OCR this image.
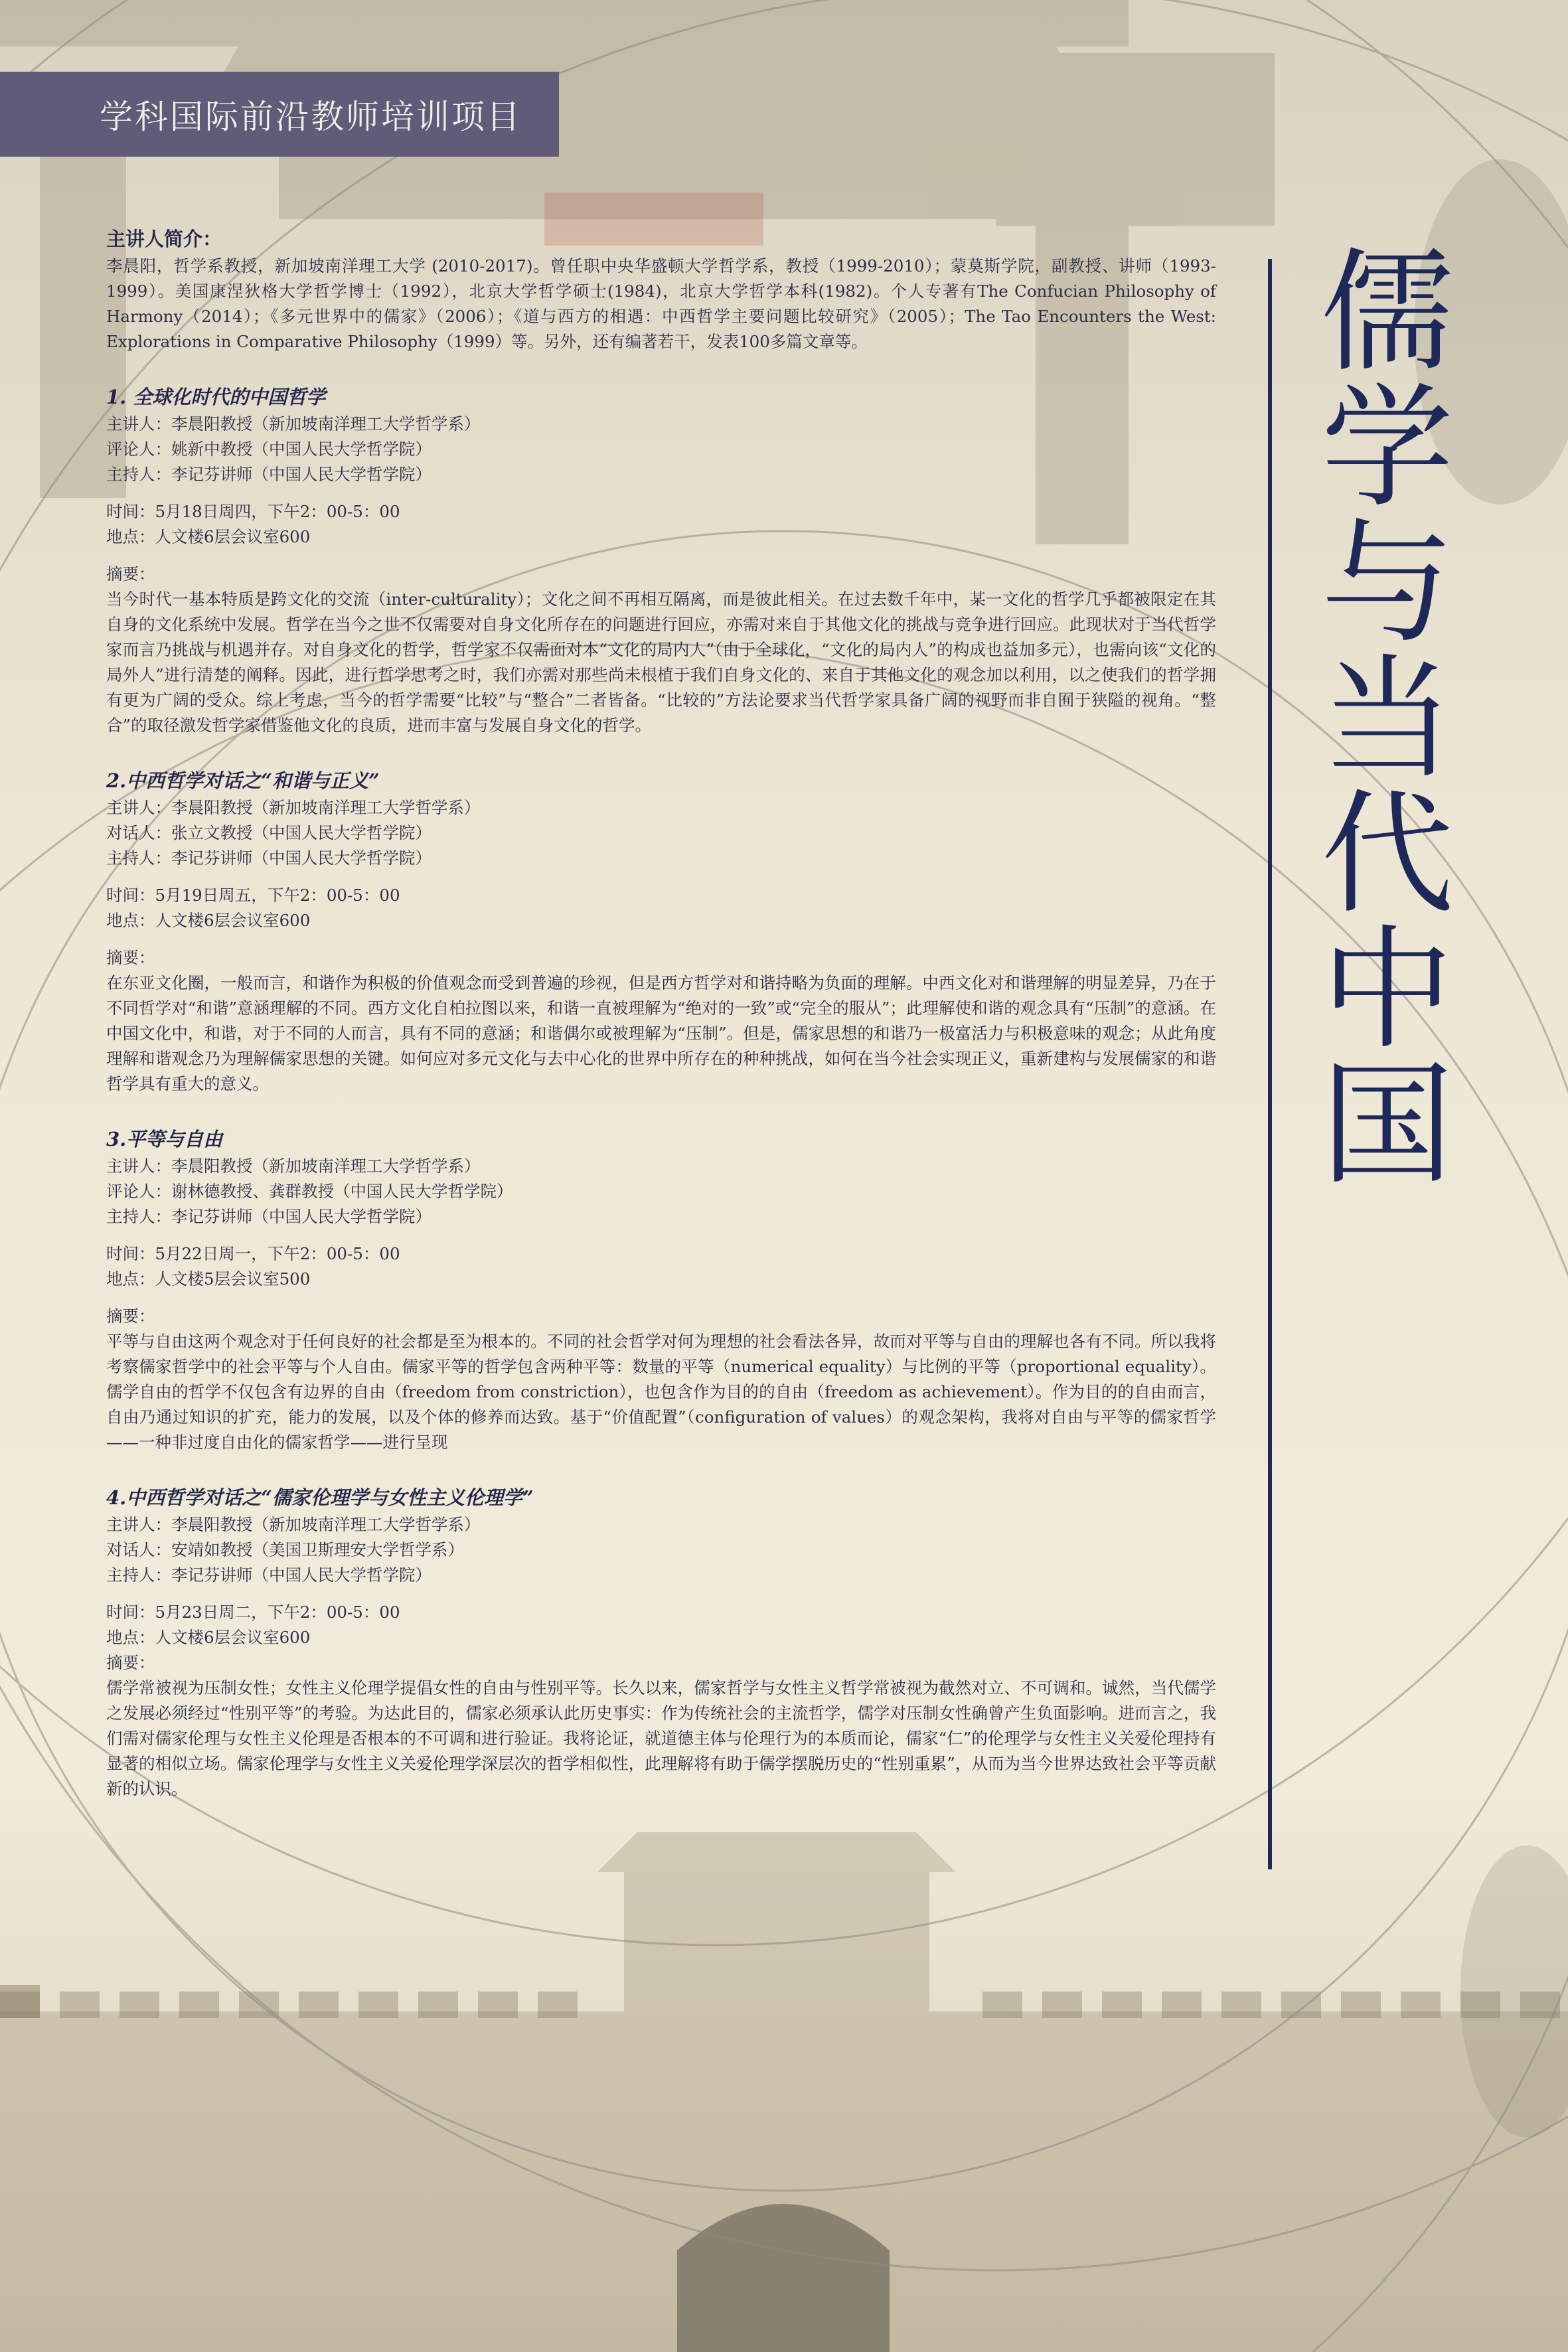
学科国际前沿教师培训项目
儒
学
与
当
代
中
国

主讲人简介：

李晨阳，哲学系教授，新加坡南洋理工大学 (2010-2017)。曾任职中央华盛顿大学哲学系，教授（1999-2010）；蒙莫斯学院，副教授、讲师（1993-1999）。美国康涅狄格大学哲学博士（1992），北京大学哲学硕士(1984)，北京大学哲学本科(1982)。个人专著有The Confucian Philosophy of Harmony（2014）；《多元世界中的儒家》（2006）；《道与西方的相遇：中西哲学主要问题比较研究》（2005）；The Tao Encounters the West: Explorations in Comparative Philosophy（1999）等。另外，还有编著若干，发表100多篇文章等。

1. 全球化时代的中国哲学

主讲人：李晨阳教授（新加坡南洋理工大学哲学系）

评论人：姚新中教授（中国人民大学哲学院）

主持人：李记芬讲师（中国人民大学哲学院）

时间：5月18日周四，下午2：00-5：00

地点：人文楼6层会议室600

摘要：

当今时代一基本特质是跨文化的交流（inter-culturality）；文化之间不再相互隔离，而是彼此相关。在过去数千年中，某一文化的哲学几乎都被限定在其自身的文化系统中发展。哲学在当今之世不仅需要对自身文化所存在的问题进行回应，亦需对来自于其他文化的挑战与竞争进行回应。此现状对于当代哲学家而言乃挑战与机遇并存。对自身文化的哲学，哲学家不仅需面对本“文化的局内人”（由于全球化，“文化的局内人”的构成也益加多元），也需向该“文化的局外人”进行清楚的阐释。因此，进行哲学思考之时，我们亦需对那些尚未根植于我们自身文化的、来自于其他文化的观念加以利用，以之使我们的哲学拥有更为广阔的受众。综上考虑，当今的哲学需要“比较”与“整合”二者皆备。“比较的”方法论要求当代哲学家具备广阔的视野而非自囿于狭隘的视角。“整合”的取径激发哲学家借鉴他文化的良质，进而丰富与发展自身文化的哲学。

2.中西哲学对话之“和谐与正义”

主讲人：李晨阳教授（新加坡南洋理工大学哲学系）

对话人：张立文教授（中国人民大学哲学院）

主持人：李记芬讲师（中国人民大学哲学院）

时间：5月19日周五，下午2：00-5：00

地点：人文楼6层会议室600

摘要：

在东亚文化圈，一般而言，和谐作为积极的价值观念而受到普遍的珍视，但是西方哲学对和谐持略为负面的理解。中西文化对和谐理解的明显差异，乃在于不同哲学对“和谐”意涵理解的不同。西方文化自柏拉图以来，和谐一直被理解为“绝对的一致”或“完全的服从”；此理解使和谐的观念具有“压制”的意涵。在中国文化中，和谐，对于不同的人而言，具有不同的意涵；和谐偶尔或被理解为“压制”。但是，儒家思想的和谐乃一极富活力与积极意味的观念；从此角度理解和谐观念乃为理解儒家思想的关键。如何应对多元文化与去中心化的世界中所存在的种种挑战，如何在当今社会实现正义，重新建构与发展儒家的和谐哲学具有重大的意义。

3.平等与自由

主讲人：李晨阳教授（新加坡南洋理工大学哲学系）

评论人：谢林德教授、龚群教授（中国人民大学哲学院）

主持人：李记芬讲师（中国人民大学哲学院）

时间：5月22日周一，下午2：00-5：00

地点：人文楼5层会议室500

摘要：

平等与自由这两个观念对于任何良好的社会都是至为根本的。不同的社会哲学对何为理想的社会看法各异，故而对平等与自由的理解也各有不同。所以我将考察儒家哲学中的社会平等与个人自由。儒家平等的哲学包含两种平等：数量的平等（numerical equality）与比例的平等（proportional equality）。儒学自由的哲学不仅包含有边界的自由（freedom from constriction），也包含作为目的的自由（freedom as achievement）。作为目的的自由而言，自由乃通过知识的扩充，能力的发展，以及个体的修养而达致。基于“价值配置”（configuration of values）的观念架构，我将对自由与平等的儒家哲学——一种非过度自由化的儒家哲学——进行呈现

4.中西哲学对话之“儒家伦理学与女性主义伦理学”

主讲人：李晨阳教授（新加坡南洋理工大学哲学系）

对话人：安靖如教授（美国卫斯理安大学哲学系）

主持人：李记芬讲师（中国人民大学哲学院）

时间：5月23日周二，下午2：00-5：00

地点：人文楼6层会议室600

摘要：

儒学常被视为压制女性；女性主义伦理学提倡女性的自由与性别平等。长久以来，儒家哲学与女性主义哲学常被视为截然对立、不可调和。诚然，当代儒学之发展必须经过“性别平等”的考验。为达此目的，儒家必须承认此历史事实：作为传统社会的主流哲学，儒学对压制女性确曾产生负面影响。进而言之，我们需对儒家伦理与女性主义伦理是否根本的不可调和进行验证。我将论证，就道德主体与伦理行为的本质而论，儒家“仁”的伦理学与女性主义关爱伦理持有显著的相似立场。儒家伦理学与女性主义关爱伦理学深层次的哲学相似性，此理解将有助于儒学摆脱历史的“性别重累”，从而为当今世界达致社会平等贡献新的认识。
